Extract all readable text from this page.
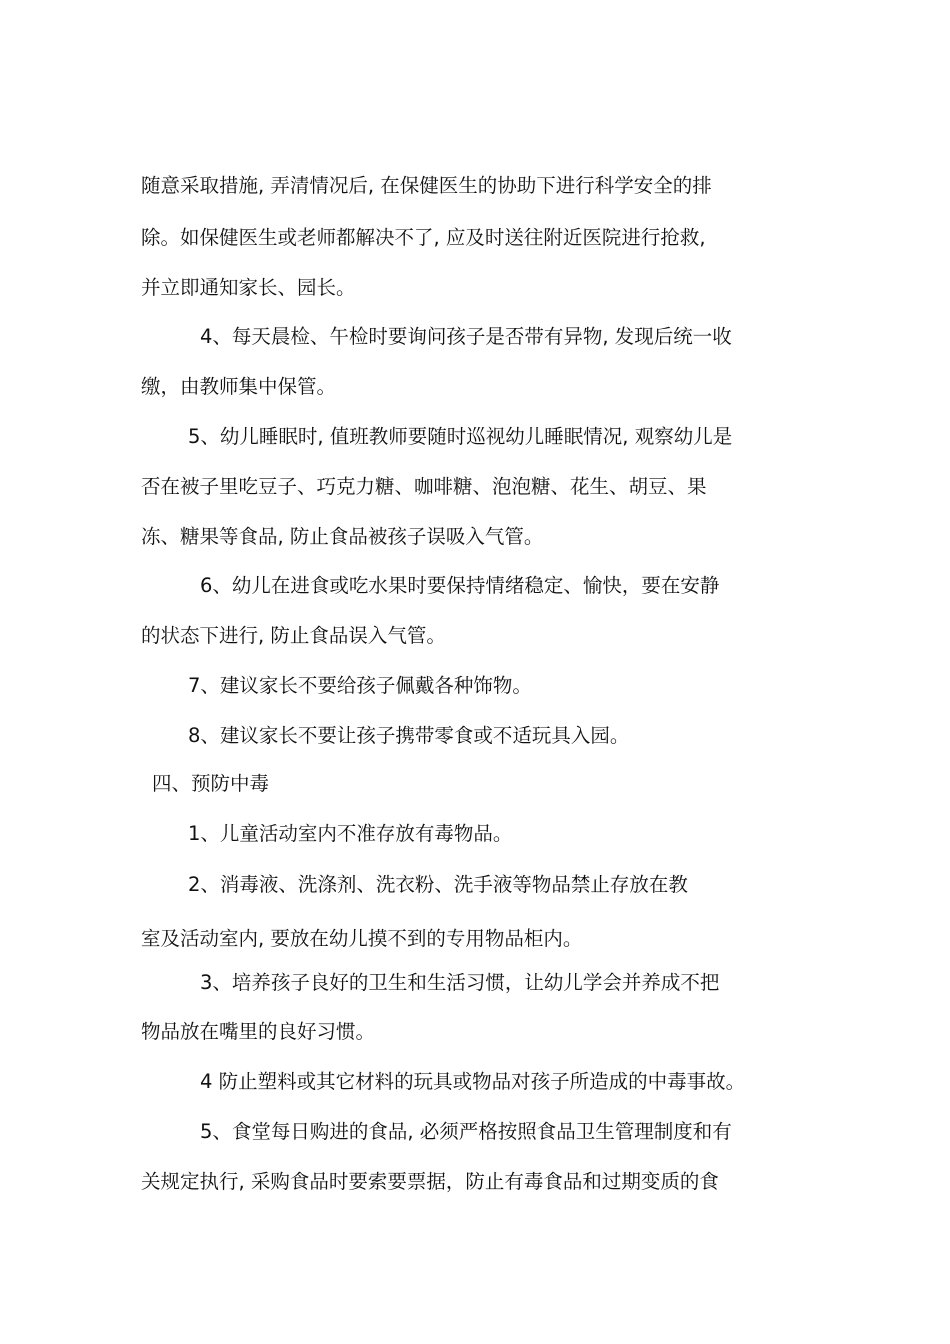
随意采取措施, 弄清情况后, 在保健医生的协助下进行科学安全的排
除。如保健医生或老师都解决不了, 应及时送往附近医院进行抢救,
并立即通知家长、园长。
4、每天晨检、午检时要询问孩子是否带有异物, 发现后统一收
缴，由教师集中保管。
5、幼儿睡眠时, 值班教师要随时巡视幼儿睡眠情况, 观察幼儿是
否在被子里吃豆子、巧克力糖、咖啡糖、泡泡糖、花生、胡豆、果
冻、糖果等食品, 防止食品被孩子误吸入气管。
6、幼儿在进食或吃水果时要保持情绪稳定、愉快，要在安静
的状态下进行, 防止食品误入气管。
7、建议家长不要给孩子佩戴各种饰物。
8、建议家长不要让孩子携带零食或不适玩具入园。
四、预防中毒
1、儿童活动室内不准存放有毒物品。
2、消毒液、洗涤剂、洗衣粉、洗手液等物品禁止存放在教
室及活动室内, 要放在幼儿摸不到的专用物品柜内。
3、培养孩子良好的卫生和生活习惯，让幼儿学会并养成不把
物品放在嘴里的良好习惯。
4 防止塑料或其它材料的玩具或物品对孩子所造成的中毒事故。
5、食堂每日购进的食品, 必须严格按照食品卫生管理制度和有
关规定执行, 采购食品时要索要票据，防止有毒食品和过期变质的食
